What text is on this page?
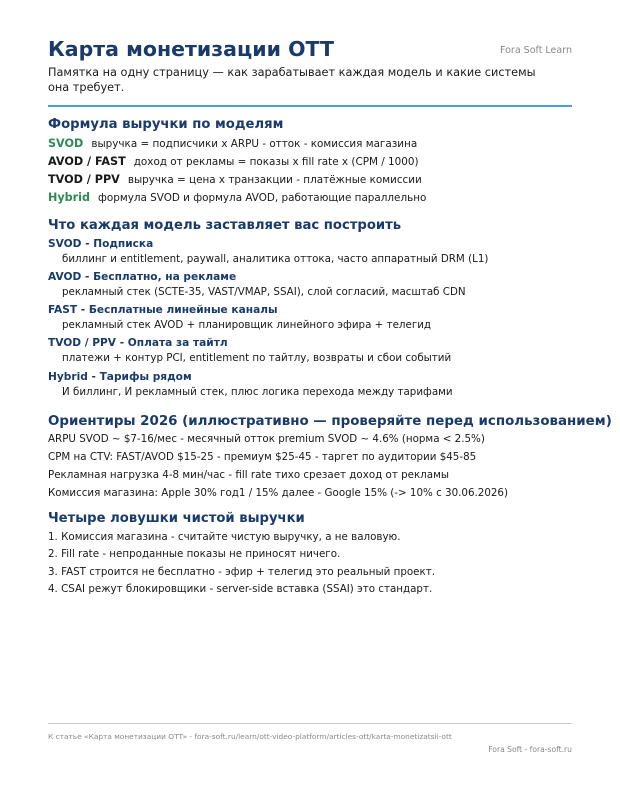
Карта монетизации OTT	Fora Soft Learn
Памятка на одну страницу — как зарабатывает каждая модель и какие системы она требует.
Формула выручки по моделям
SVOD выручка = подписчики x ARPU - отток - комиссия магазина
AVOD / FAST доход от рекламы = показы x fill rate x (CPM / 1000)
TVOD / PPV выручка = цена x транзакции - платёжные комиссии
Hybrid формула SVOD и формула AVOD, работающие параллельно
Что каждая модель заставляет вас построить
SVOD - Подписка
биллинг и entitlement, paywall, аналитика оттока, часто аппаратный DRM (L1)
AVOD - Бесплатно, на рекламе
рекламный стек (SCTE-35, VAST/VMAP, SSAI), слой согласий, масштаб CDN
FAST - Бесплатные линейные каналы
рекламный стек AVOD + планировщик линейного эфира + телегид
TVOD / PPV - Оплата за тайтл
платежи + контур PCI, entitlement по тайтлу, возвраты и сбои событий
Hybrid - Тарифы рядом
И биллинг, И рекламный стек, плюс логика перехода между тарифами
Ориентиры 2026 (иллюстративно — проверяйте перед использованием)
ARPU SVOD ~ $7-16/мес - месячный отток premium SVOD ~ 4.6% (норма < 2.5%)
CPM на CTV: FAST/AVOD $15-25 - премиум $25-45 - таргет по аудитории $45-85
Рекламная нагрузка 4-8 мин/час - fill rate тихо срезает доход от рекламы
Комиссия магазина: Apple 30% год1 / 15% далее - Google 15% (-> 10% с 30.06.2026)
Четыре ловушки чистой выручки
1. Комиссия магазина - считайте чистую выручку, а не валовую.
2. Fill rate - непроданные показы не приносят ничего.
3. FAST строится не бесплатно - эфир + телегид это реальный проект.
4. CSAI режут блокировщики - server-side вставка (SSAI) это стандарт.
К статье «Карта монетизации OTT» - fora-soft.ru/learn/ott-video-platform/articles-ott/karta-monetizatsii-ott
Fora Soft - fora-soft.ru
